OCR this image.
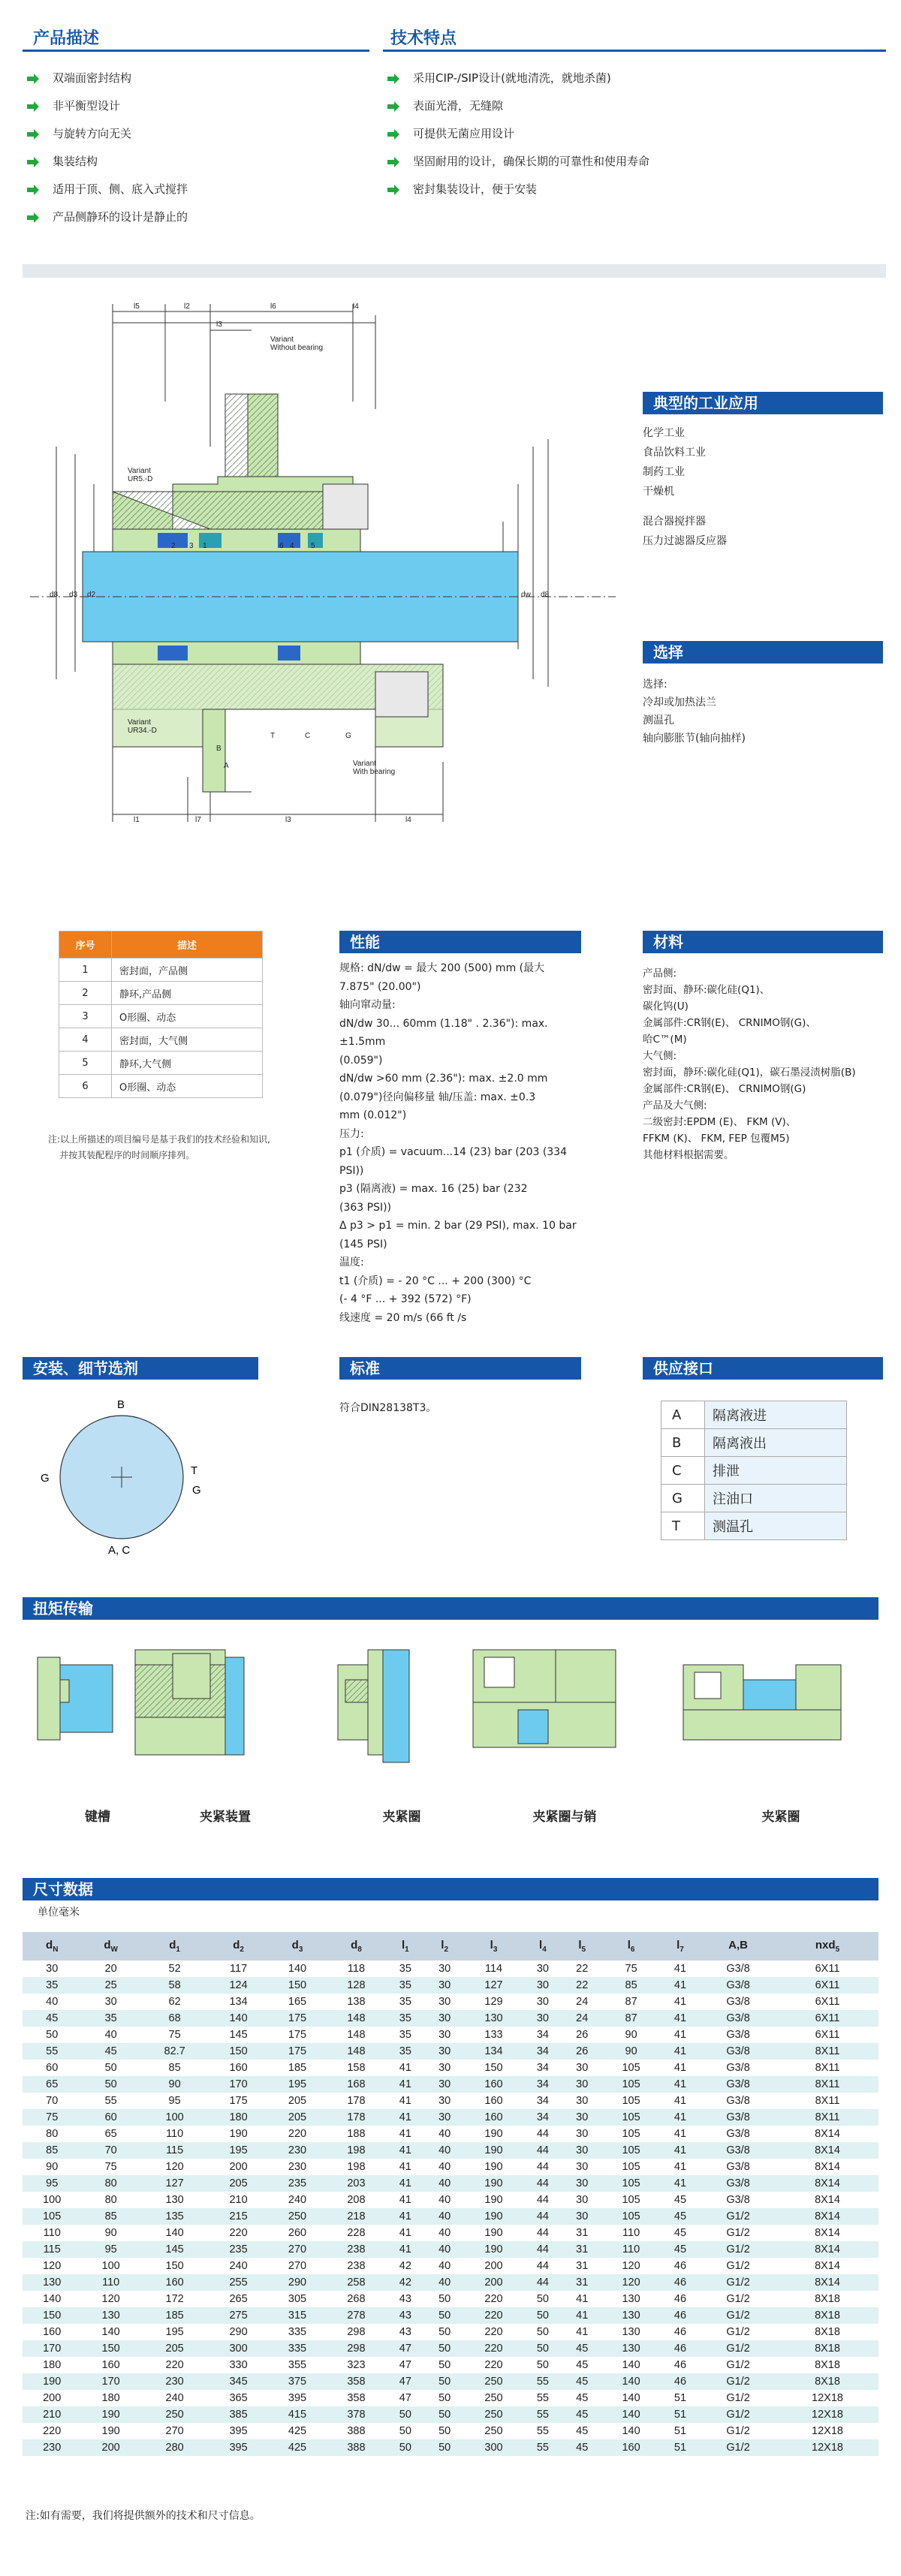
产品描述
双端面密封结构
非平衡型设计
与旋转方向无关
集装结构
适用于顶、侧、底入式搅拌
产品侧静环的设计是静止的
技术特点
采用CIP-/SIP设计(就地清洗，就地杀菌)
表面光滑，无缝隙
可提供无菌应用设计
坚固耐用的设计，确保长期的可靠性和使用寿命
密封集装设计，便于安装
Variant Without bearing
Variant UR5.-D
Variant UR34.-D
Variant With bearing
2 3 1	6 4 5
T	C	G
A
B
l5	l2	l6	l4
l3
l1	l7	l3	l4
d8 d3 d2	dw d8
典型的工业应用
化学工业
食品饮料工业
制药工业
干燥机
混合器搅拌器
压力过滤器反应器
选择
选择:
冷却或加热法兰
测温孔
轴向膨胀节(轴向抽样)
序号	描述
1	密封面，产品侧
2	静环,产品侧
3	O形圈、动态
4	密封面，大气侧
5	静环,大气侧
6	O形圈、动态
注:以上所描述的项目编号是基于我们的技术经验和知识,
并按其装配程序的时间顺序排列。
性能
规格: dN/dw = 最大 200 (500) mm (最大
7.875" (20.00")
轴向窜动量:
dN/dw 30... 60mm (1.18" . 2.36"): max.
±1.5mm
(0.059")
dN/dw >60 mm (2.36"): max. ±2.0 mm
(0.079")径向偏移量 轴/压盖: max. ±0.3
mm (0.012")
压力:
p1 (介质) = vacuum...14 (23) bar (203 (334
PSI))
p3 (隔离液) = max. 16 (25) bar (232
(363 PSI))
Δ p3 > p1 = min. 2 bar (29 PSI), max. 10 bar
(145 PSI)
温度:
t1 (介质) = - 20 °C ... + 200 (300) °C
(- 4 °F ... + 392 (572) °F)
线速度 = 20 m/s (66 ft /s
材料
产品侧:
密封面、静环:碳化硅(Q1)、
碳化钨(U)
金属部件:CR钢(E)、 CRNIMO钢(G)、
哈C™(M)
大气侧:
密封面，静环:碳化硅(Q1)，碳石墨浸渍树脂(B)
金属部件:CR钢(E)、 CRNIMO钢(G)
产品及大气侧:
二级密封:EPDM (E)、 FKM (V)、
FFKM (K)、 FKM, FEP 包覆M5)
其他材料根据需要。
安装、细节选剂
B
G
T
G
A, C
标准
符合DIN28138T3。
供应接口
A	隔离液进
B	隔离液出
C	排泄
G	注油口
T	测温孔
扭矩传输
键槽	夹紧装置	夹紧圈	夹紧圈与销	夹紧圈
尺寸数据
单位毫米
$d_N$	$d_W$	$d_1$	$d_2$	$d_3$	$d_8$	$l_1$	$l_2$	$l_3$	$l_4$	$l_5$	$l_6$	$l_7$	A,B	nxd$_5$
30	20	52	117	140	118	35	30	114	30	22	75	41	G3/8	6X11
35	25	58	124	150	128	35	30	127	30	22	85	41	G3/8	6X11
40	30	62	134	165	138	35	30	129	30	24	87	41	G3/8	6X11
45	35	68	140	175	148	35	30	130	30	24	87	41	G3/8	6X11
50	40	75	145	175	148	35	30	133	34	26	90	41	G3/8	6X11
55	45	82.7	150	175	148	35	30	134	34	26	90	41	G3/8	8X11
60	50	85	160	185	158	41	30	150	34	30	105	41	G3/8	8X11
65	50	90	170	195	168	41	30	160	34	30	105	41	G3/8	8X11
70	55	95	175	205	178	41	30	160	34	30	105	41	G3/8	8X11
75	60	100	180	205	178	41	30	160	34	30	105	41	G3/8	8X11
80	65	110	190	220	188	41	40	190	44	30	105	41	G3/8	8X14
85	70	115	195	230	198	41	40	190	44	30	105	41	G3/8	8X14
90	75	120	200	230	198	41	40	190	44	30	105	41	G3/8	8X14
95	80	127	205	235	203	41	40	190	44	30	105	41	G3/8	8X14
100	80	130	210	240	208	41	40	190	44	30	105	45	G3/8	8X14
105	85	135	215	250	218	41	40	190	44	30	105	45	G1/2	8X14
110	90	140	220	260	228	41	40	190	44	31	110	45	G1/2	8X14
115	95	145	235	270	238	41	40	190	44	31	110	45	G1/2	8X14
120	100	150	240	270	238	42	40	200	44	31	120	46	G1/2	8X14
130	110	160	255	290	258	42	40	200	44	31	120	46	G1/2	8X14
140	120	172	265	305	268	43	50	220	50	41	130	46	G1/2	8X18
150	130	185	275	315	278	43	50	220	50	41	130	46	G1/2	8X18
160	140	195	290	335	298	43	50	220	50	41	130	46	G1/2	8X18
170	150	205	300	335	298	47	50	220	50	45	130	46	G1/2	8X18
180	160	220	330	355	323	47	50	220	50	45	140	46	G1/2	8X18
190	170	230	345	375	358	47	50	250	55	45	140	46	G1/2	8X18
200	180	240	365	395	358	47	50	250	55	45	140	51	G1/2	12X18
210	190	250	385	415	378	50	50	250	55	45	140	51	G1/2	12X18
220	190	270	395	425	388	50	50	250	55	45	140	51	G1/2	12X18
230	200	280	395	425	388	50	50	300	55	45	160	51	G1/2	12X18
注:如有需要，我们将提供额外的技术和尺寸信息。
